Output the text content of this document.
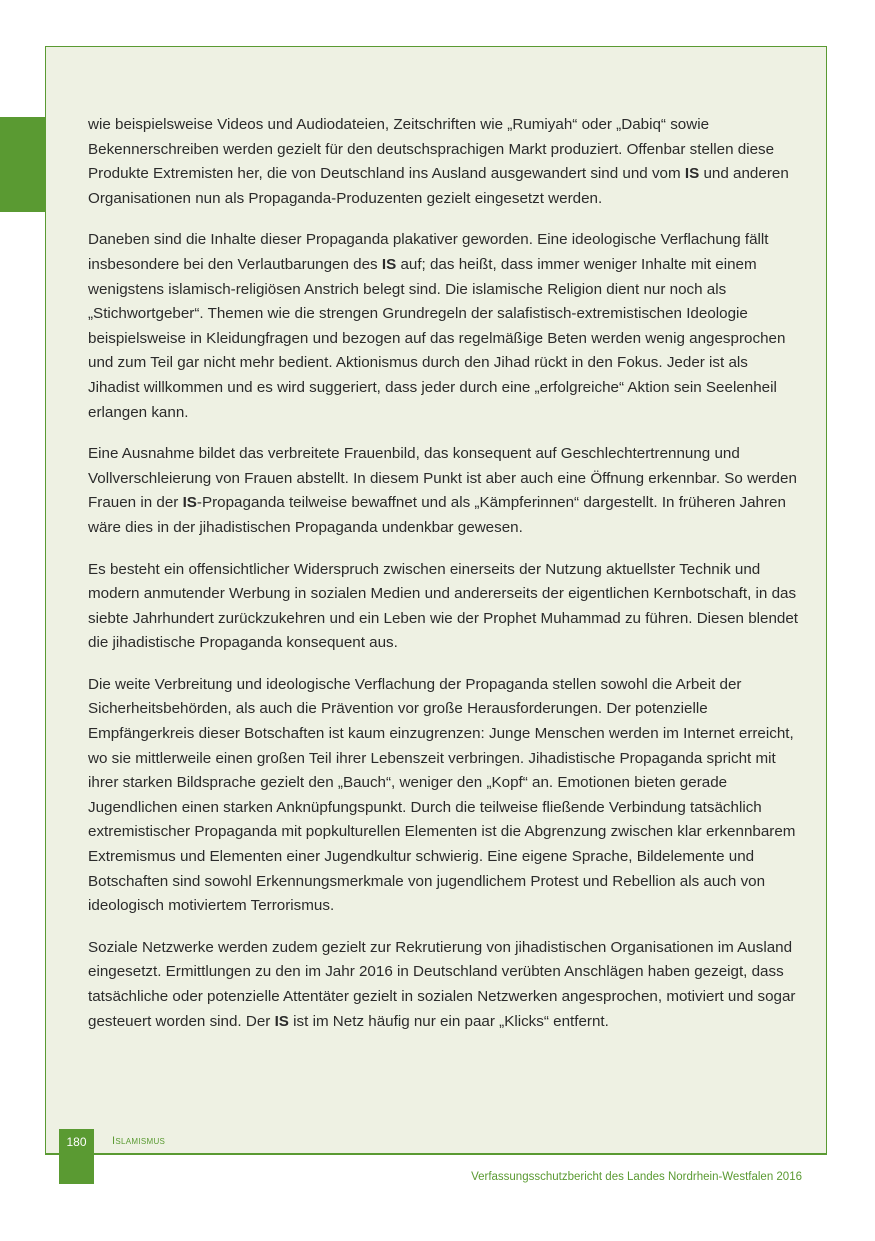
wie beispielsweise Videos und Audiodateien, Zeitschriften wie „Rumiyah“ oder „Dabiq“ sowie Bekennerschreiben werden gezielt für den deutschsprachigen Markt produziert. Offenbar stellen diese Produkte Extremisten her, die von Deutschland ins Ausland ausgewandert sind und vom IS und anderen Organisationen nun als Propaganda-Produzenten gezielt eingesetzt werden.

Daneben sind die Inhalte dieser Propaganda plakativer geworden. Eine ideologische Verflachung fällt insbesondere bei den Verlautbarungen des IS auf; das heißt, dass immer weniger Inhalte mit einem wenigstens islamisch-religiösen Anstrich belegt sind. Die islamische Religion dient nur noch als „Stichwortgeber“. Themen wie die strengen Grundregeln der salafistisch-extremistischen Ideologie beispielsweise in Kleidungfragen und bezogen auf das regelmäßige Beten werden wenig angesprochen und zum Teil gar nicht mehr bedient. Aktionismus durch den Jihad rückt in den Fokus. Jeder ist als Jihadist willkommen und es wird suggeriert, dass jeder durch eine „erfolgreiche“ Aktion sein Seelenheil erlangen kann.

Eine Ausnahme bildet das verbreitete Frauenbild, das konsequent auf Geschlechtertrennung und Vollverschleierung von Frauen abstellt. In diesem Punkt ist aber auch eine Öffnung erkennbar. So werden Frauen in der IS-Propaganda teilweise bewaffnet und als „Kämpferinnen“ dargestellt. In früheren Jahren wäre dies in der jihadistischen Propaganda undenkbar gewesen.

Es besteht ein offensichtlicher Widerspruch zwischen einerseits der Nutzung aktuellster Technik und modern anmutender Werbung in sozialen Medien und andererseits der eigentlichen Kernbotschaft, in das siebte Jahrhundert zurückzukehren und ein Leben wie der Prophet Muhammad zu führen. Diesen blendet die jihadistische Propaganda konsequent aus.

Die weite Verbreitung und ideologische Verflachung der Propaganda stellen sowohl die Arbeit der Sicherheitsbehörden, als auch die Prävention vor große Herausforderungen. Der potenzielle Empfängerkreis dieser Botschaften ist kaum einzugrenzen: Junge Menschen werden im Internet erreicht, wo sie mittlerweile einen großen Teil ihrer Lebenszeit verbringen. Jihadistische Propaganda spricht mit ihrer starken Bildsprache gezielt den „Bauch“, weniger den „Kopf“ an. Emotionen bieten gerade Jugendlichen einen starken Anknüpfungspunkt. Durch die teilweise fließende Verbindung tatsächlich extremistischer Propaganda mit popkulturellen Elementen ist die Abgrenzung zwischen klar erkennbarem Extremismus und Elementen einer Jugendkultur schwierig. Eine eigene Sprache, Bildelemente und Botschaften sind sowohl Erkennungsmerkmale von jugendlichem Protest und Rebellion als auch von ideologisch motiviertem Terrorismus.

Soziale Netzwerke werden zudem gezielt zur Rekrutierung von jihadistischen Organisationen im Ausland eingesetzt. Ermittlungen zu den im Jahr 2016 in Deutschland verübten Anschlägen haben gezeigt, dass tatsächliche oder potenzielle Attentäter gezielt in sozialen Netzwerken angesprochen, motiviert und sogar gesteuert worden sind. Der IS ist im Netz häufig nur ein paar „Klicks“ entfernt.

180	Islamismus
Verfassungsschutzbericht des Landes Nordrhein-Westfalen 2016
